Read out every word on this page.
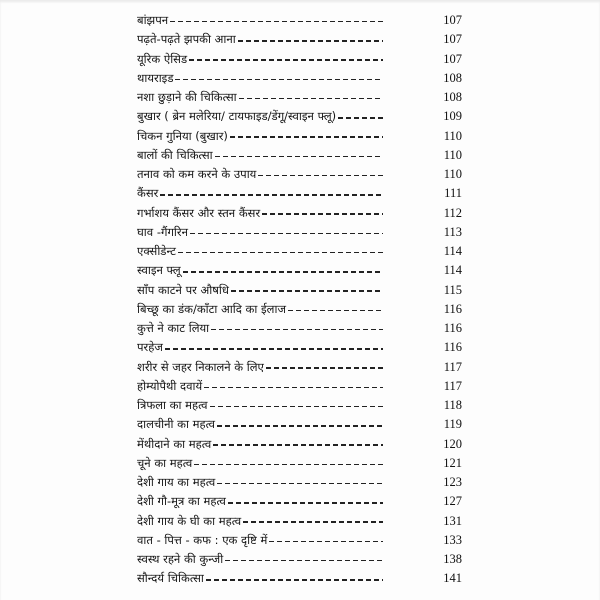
बांझपन	107
पढ़ते-पढ़ते झपकी आना	107
यूरिक ऐसिड	107
थायराइड	108
नशा छुड़ाने की चिकित्सा	108
बुखार ( ब्रेन मलेरिया/ टायफाइड/डेंगू/स्वाइन फ्लू)	109
चिकन गुनिया (बुखार)	110
बालों की चिकित्सा	110
तनाव को कम करने के उपाय	110
कैंसर	111
गर्भाशय कैंसर और स्तन कैंसर	112
घाव -गैंगरिन	113
एक्सीडेन्ट	114
स्वाइन फ्लू	114
साँप काटने पर औषधि	115
बिच्छू का डंक/काँटा आदि का ईलाज	116
कुत्ते ने काट लिया	116
परहेज	116
शरीर से जहर निकालने के लिए	117
होम्योपैथी दवायें	117
त्रिफला का महत्व	118
दालचीनी का महत्व	119
मेंथीदाने का महत्व	120
चूने का महत्व	121
देशी गाय का महत्व	123
देशी गौ-मूत्र का महत्व	127
देशी गाय के घी का महत्व	131
वात - पित्त - कफ : एक दृष्टि में	133
स्वस्थ रहने की कुन्जी	138
सौन्दर्य चिकित्सा	141
